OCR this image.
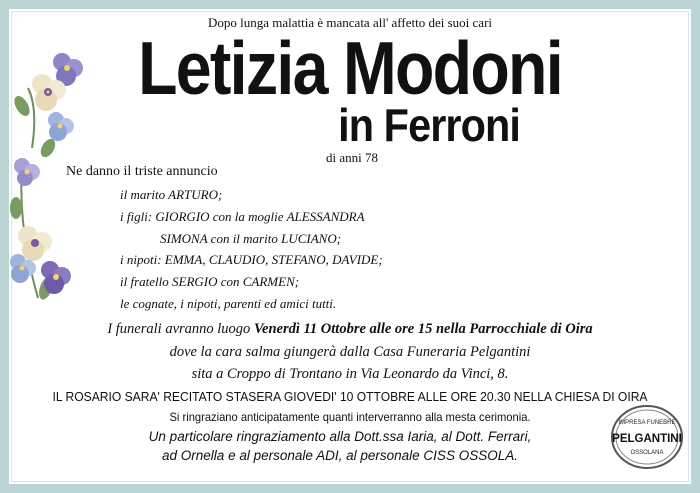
Dopo lunga malattia è mancata all' affetto dei suoi cari
Letizia Modoni
in Ferroni
di anni 78
Ne danno il triste annuncio
il marito ARTURO;
i figli: GIORGIO con la moglie ALESSANDRA
SIMONA con il marito LUCIANO;
i nipoti: EMMA, CLAUDIO, STEFANO, DAVIDE;
il fratello SERGIO con CARMEN;
le cognate, i nipoti, parenti ed amici tutti.
I funerali avranno luogo Venerdì 11 Ottobre alle ore 15 nella Parrocchiale di Oira
dove la cara salma giungerà dalla Casa Funeraria Pelgantini
sita a Croppo di Trontano in Via Leonardo da Vinci, 8.
IL ROSARIO SARA' RECITATO STASERA GIOVEDI' 10 OTTOBRE ALLE ORE 20.30 NELLA CHIESA DI OIRA
Si ringraziano anticipatamente quanti interverranno alla mesta cerimonia.
Un particolare ringraziamento alla Dott.ssa Iaria, al Dott. Ferrari,
ad Ornella e al personale ADI, al personale CISS OSSOLA.
IMPRESA FUNEBRE
PELGANTINI
OSSOLANA
